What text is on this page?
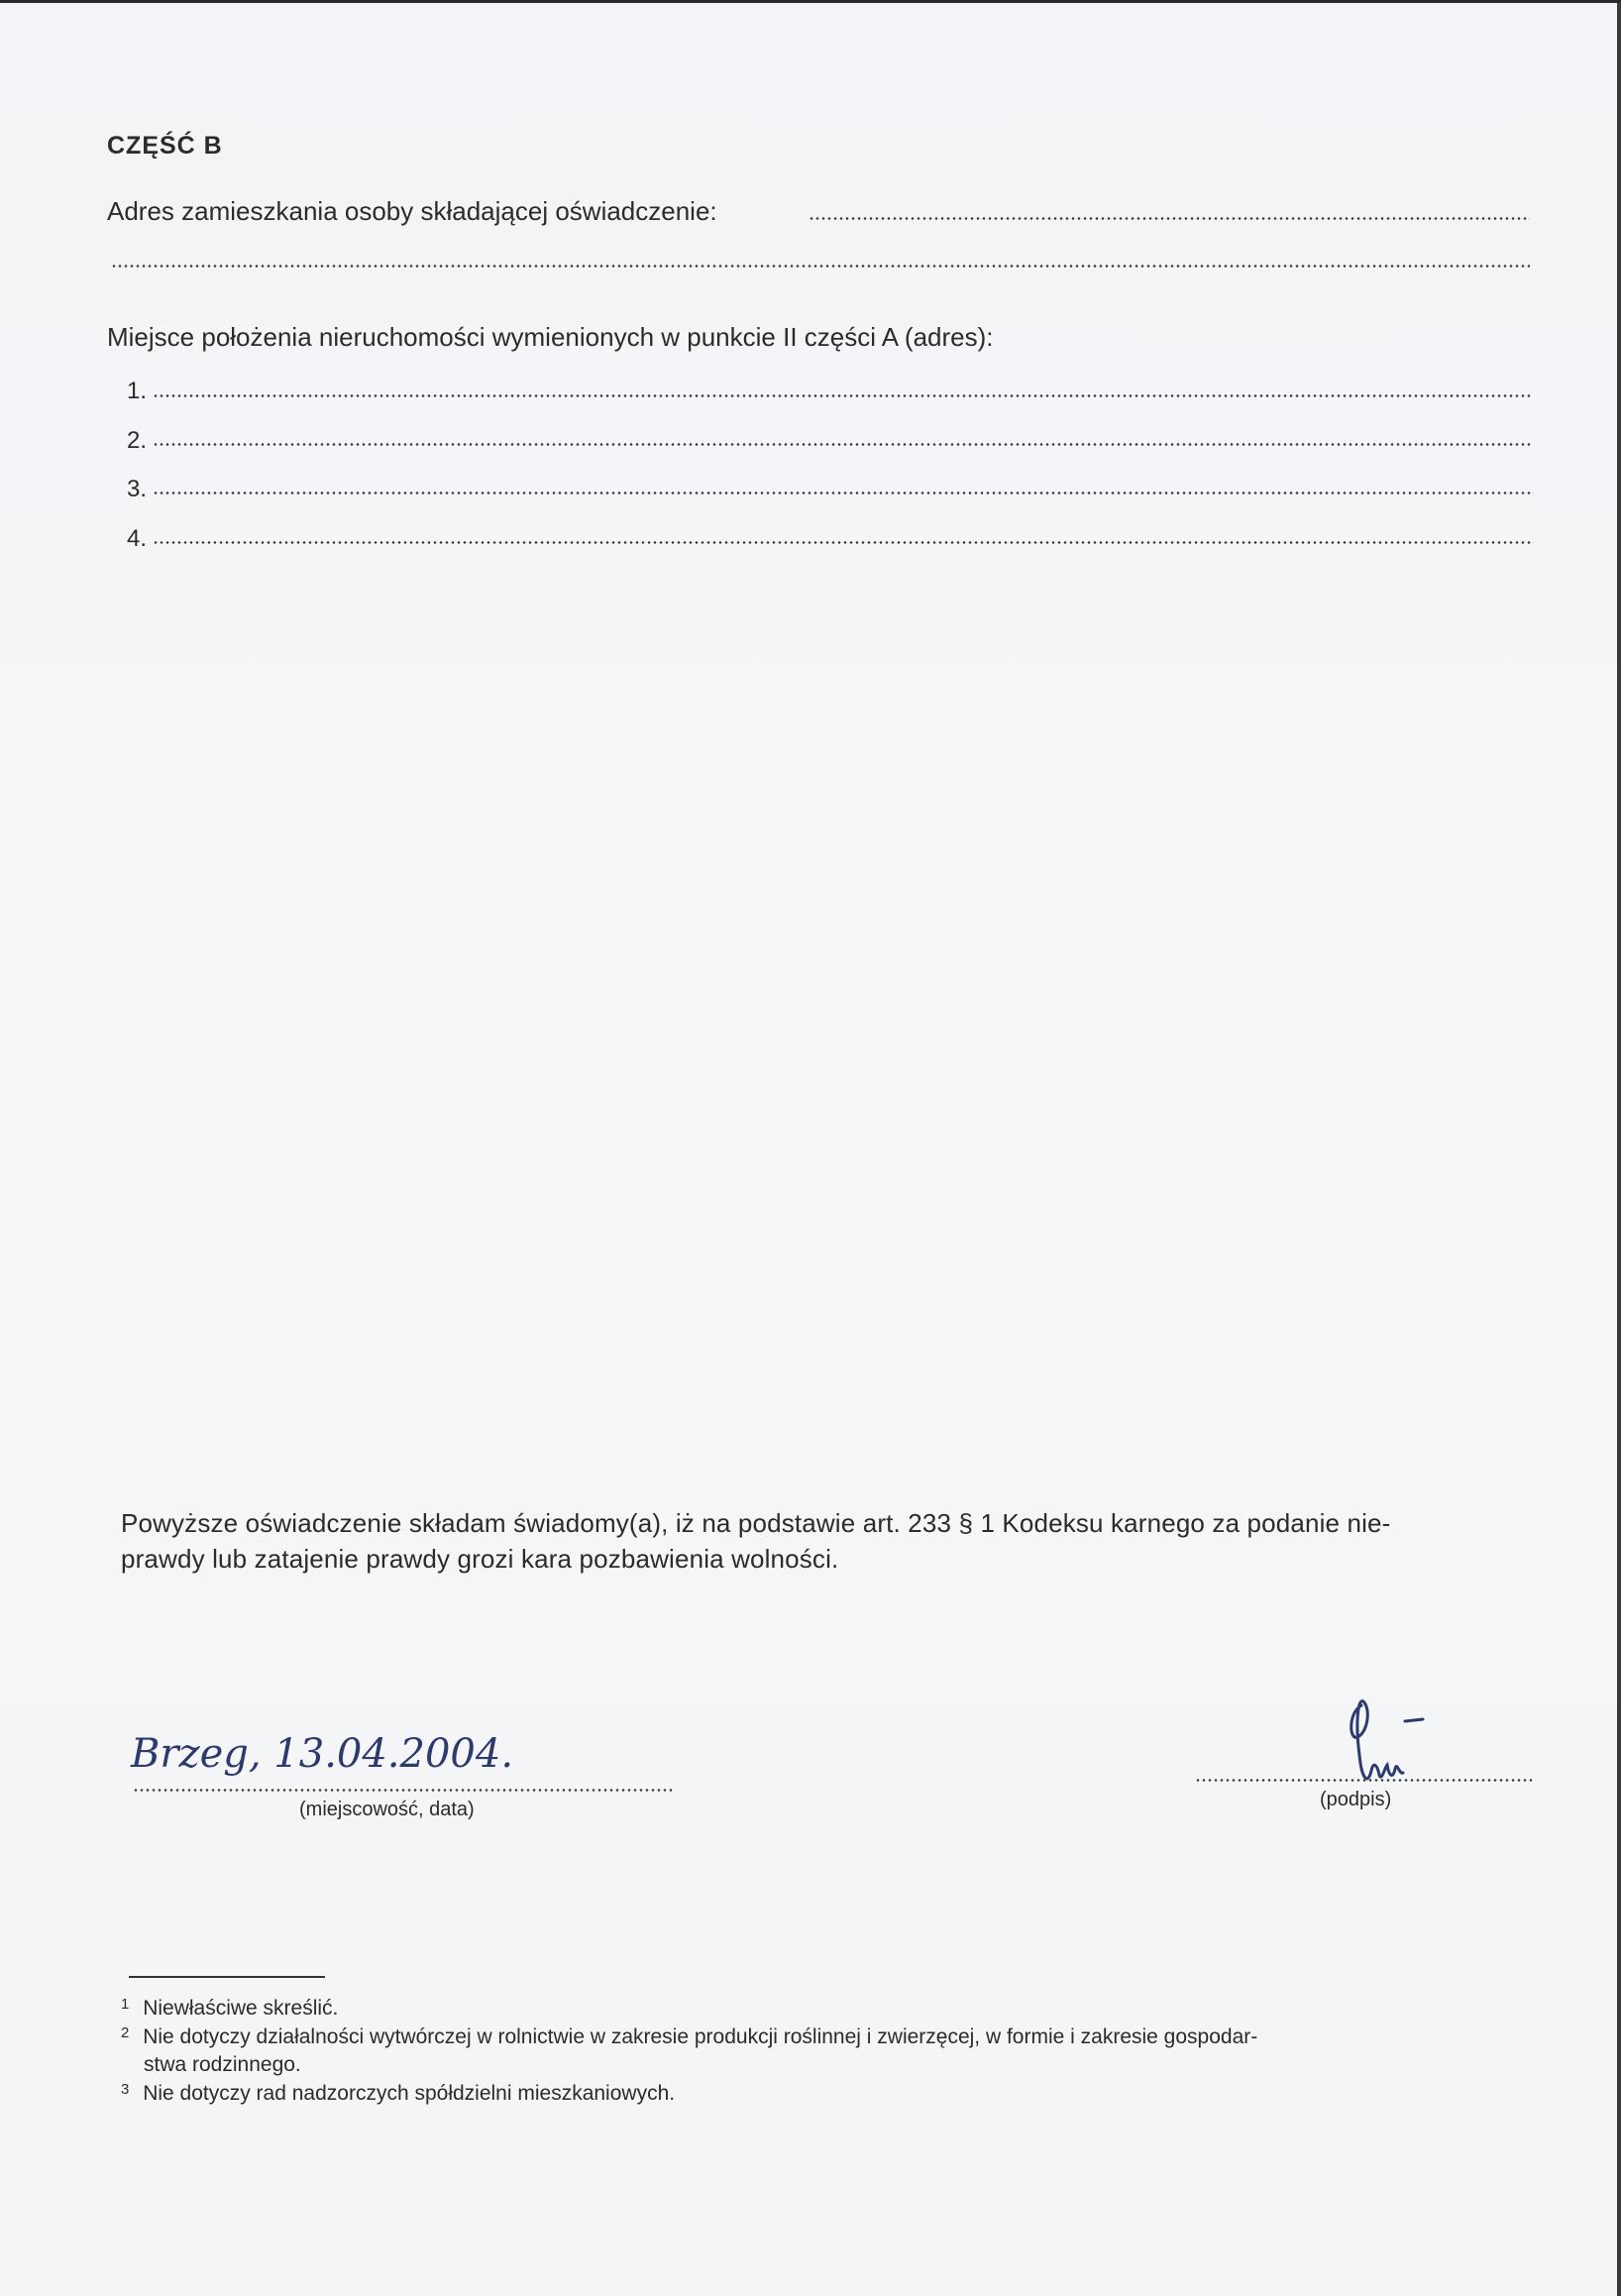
CZĘŚĆ B
Adres zamieszkania osoby składającej oświadczenie:
Miejsce położenia nieruchomości wymienionych w punkcie II części A (adres):
1.
2.
3.
4.
Powyższe oświadczenie składam świadomy(a), iż na podstawie art. 233 § 1 Kodeksu karnego za podanie nie-
prawdy lub zatajenie prawdy grozi kara pozbawienia wolności.
Brzeg, 13.04.2004.
(miejscowość, data)	(podpis)
$^1$ Niewłaściwe skreślić.
$^2$ Nie dotyczy działalności wytwórczej w rolnictwie w zakresie produkcji roślinnej i zwierzęcej, w formie i zakresie gospodar-
stwa rodzinnego.
$^3$ Nie dotyczy rad nadzorczych spółdzielni mieszkaniowych.
